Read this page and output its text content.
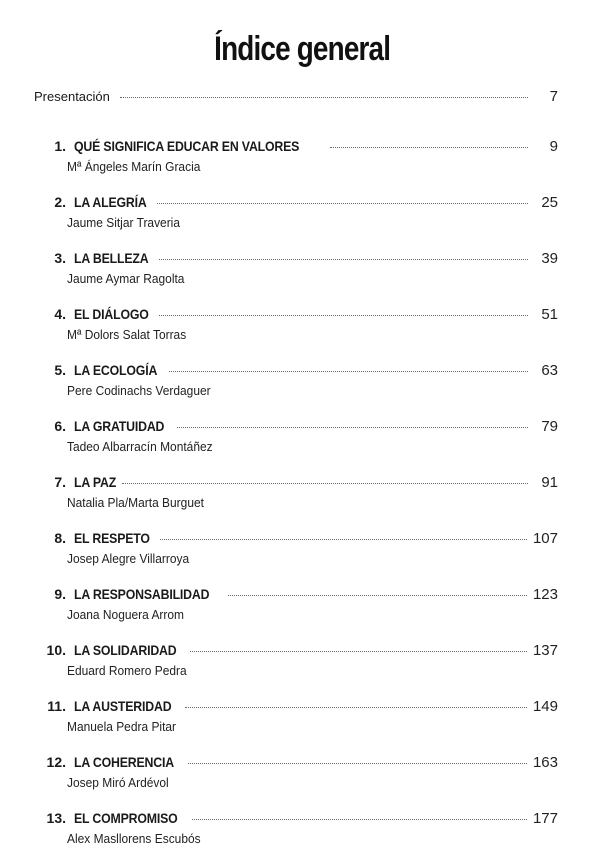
Índice general
Presentación	7
1. QUÉ SIGNIFICA EDUCAR EN VALORES	9
Mª Ángeles Marín Gracia
2. LA ALEGRÍA	25
Jaume Sitjar Traveria
3. LA BELLEZA	39
Jaume Aymar Ragolta
4. EL DIÁLOGO	51
Mª Dolors Salat Torras
5. LA ECOLOGÍA	63
Pere Codinachs Verdaguer
6. LA GRATUIDAD	79
Tadeo Albarracín Montáñez
7. LA PAZ	91
Natalia Pla/Marta Burguet
8. EL RESPETO	107
Josep Alegre Villarroya
9. LA RESPONSABILIDAD	123
Joana Noguera Arrom
10. LA SOLIDARIDAD	137
Eduard Romero Pedra
11. LA AUSTERIDAD	149
Manuela Pedra Pitar
12. LA COHERENCIA	163
Josep Miró Ardévol
13. EL COMPROMISO	177
Alex Masllorens Escubós
